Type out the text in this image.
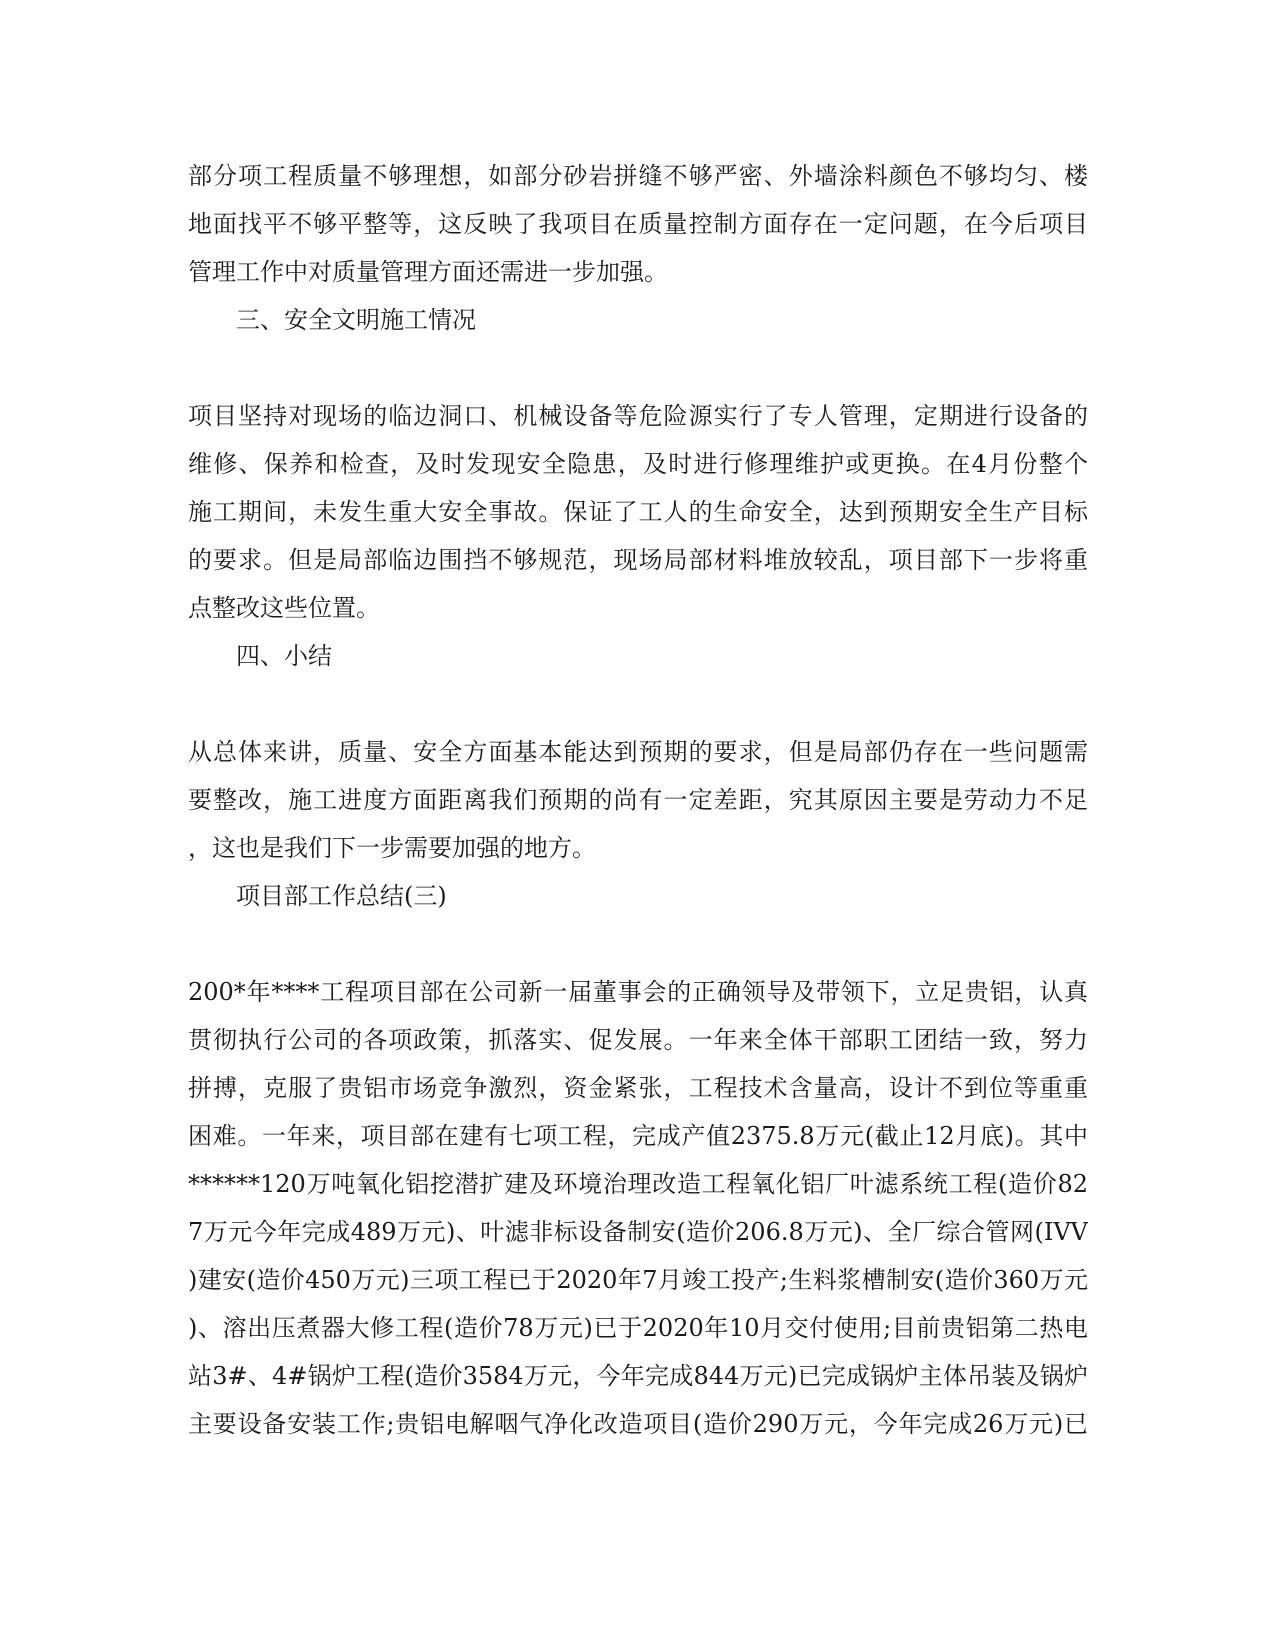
部分项工程质量不够理想，如部分砂岩拼缝不够严密、外墙涂料颜色不够均匀、楼
地面找平不够平整等，这反映了我项目在质量控制方面存在一定问题，在今后项目
管理工作中对质量管理方面还需进一步加强。
三、安全文明施工情况
项目坚持对现场的临边洞口、机械设备等危险源实行了专人管理，定期进行设备的
维修、保养和检查，及时发现安全隐患，及时进行修理维护或更换。在4月份整个
施工期间，未发生重大安全事故。保证了工人的生命安全，达到预期安全生产目标
的要求。但是局部临边围挡不够规范，现场局部材料堆放较乱，项目部下一步将重
点整改这些位置。
四、小结
从总体来讲，质量、安全方面基本能达到预期的要求，但是局部仍存在一些问题需
要整改，施工进度方面距离我们预期的尚有一定差距，究其原因主要是劳动力不足
，这也是我们下一步需要加强的地方。
项目部工作总结(三)
200*年****工程项目部在公司新一届董事会的正确领导及带领下，立足贵铝，认真
贯彻执行公司的各项政策，抓落实、促发展。一年来全体干部职工团结一致，努力
拼搏，克服了贵铝市场竞争激烈，资金紧张，工程技术含量高，设计不到位等重重
困难。一年来，项目部在建有七项工程，完成产值2375.8万元(截止12月底)。其中
******120万吨氧化铝挖潜扩建及环境治理改造工程氧化铝厂叶滤系统工程(造价82
7万元今年完成489万元)、叶滤非标设备制安(造价206.8万元)、全厂综合管网(IVV
)建安(造价450万元)三项工程已于2020年7月竣工投产;生料浆槽制安(造价360万元
)、溶出压煮器大修工程(造价78万元)已于2020年10月交付使用;目前贵铝第二热电
站3#、4#锅炉工程(造价3584万元，今年完成844万元)已完成锅炉主体吊装及锅炉
主要设备安装工作;贵铝电解咽气净化改造项目(造价290万元，今年完成26万元)已
